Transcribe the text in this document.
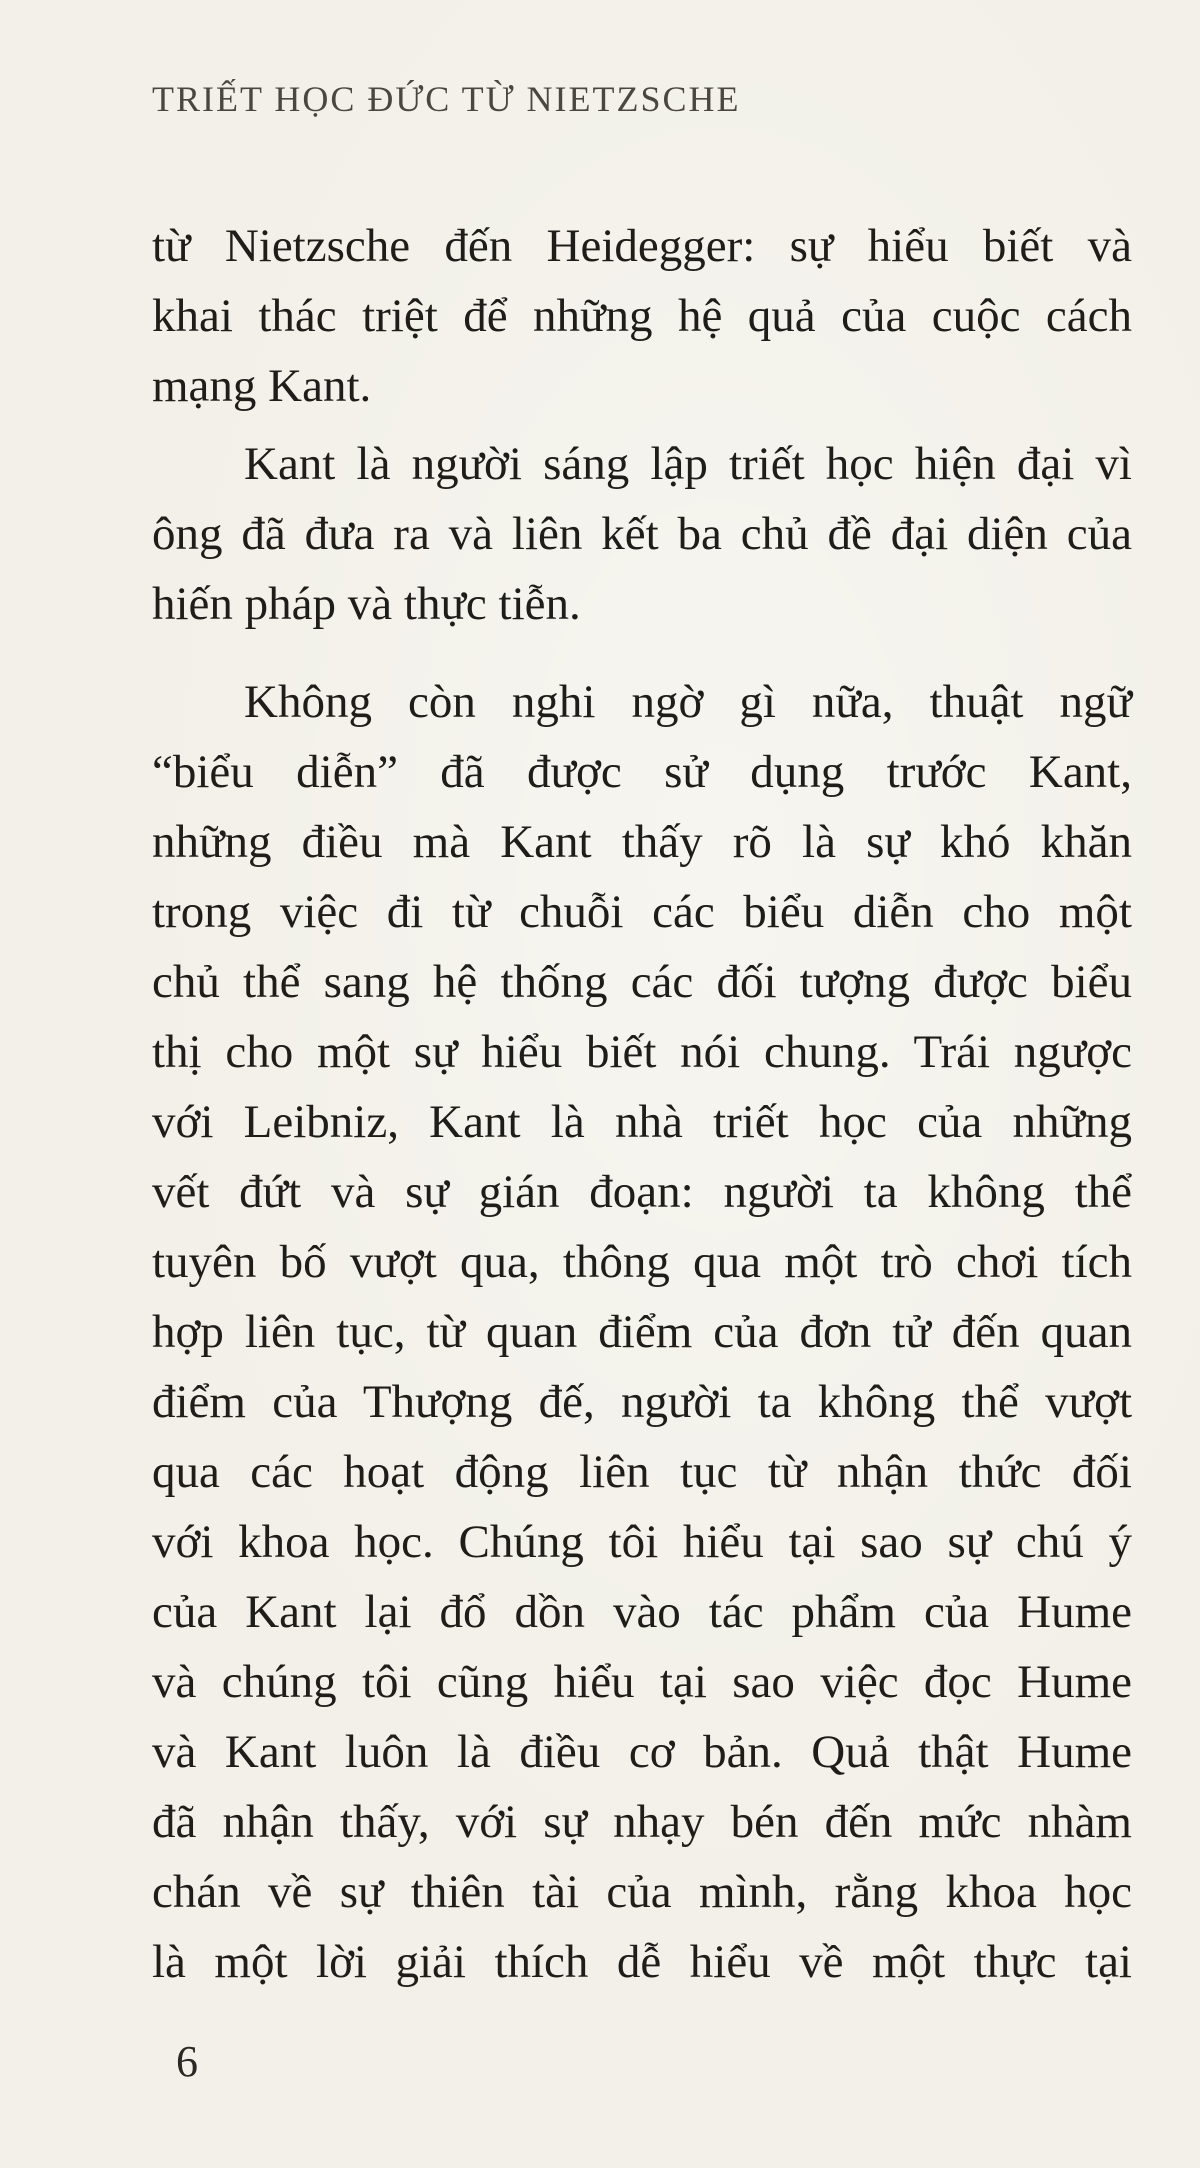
TRIẾT HỌC ĐỨC TỪ NIETZSCHE
từ Nietzsche đến Heidegger: sự hiểu biết và
khai thác triệt để những hệ quả của cuộc cách
mạng Kant.
Kant là người sáng lập triết học hiện đại vì
ông đã đưa ra và liên kết ba chủ đề đại diện của
hiến pháp và thực tiễn.
Không còn nghi ngờ gì nữa, thuật ngữ
“biểu diễn” đã được sử dụng trước Kant,
những điều mà Kant thấy rõ là sự khó khăn
trong việc đi từ chuỗi các biểu diễn cho một
chủ thể sang hệ thống các đối tượng được biểu
thị cho một sự hiểu biết nói chung. Trái ngược
với Leibniz, Kant là nhà triết học của những
vết đứt và sự gián đoạn: người ta không thể
tuyên bố vượt qua, thông qua một trò chơi tích
hợp liên tục, từ quan điểm của đơn tử đến quan
điểm của Thượng đế, người ta không thể vượt
qua các hoạt động liên tục từ nhận thức đối
với khoa học. Chúng tôi hiểu tại sao sự chú ý
của Kant lại đổ dồn vào tác phẩm của Hume
và chúng tôi cũng hiểu tại sao việc đọc Hume
và Kant luôn là điều cơ bản. Quả thật Hume
đã nhận thấy, với sự nhạy bén đến mức nhàm
chán về sự thiên tài của mình, rằng khoa học
là một lời giải thích dễ hiểu về một thực tại
6
